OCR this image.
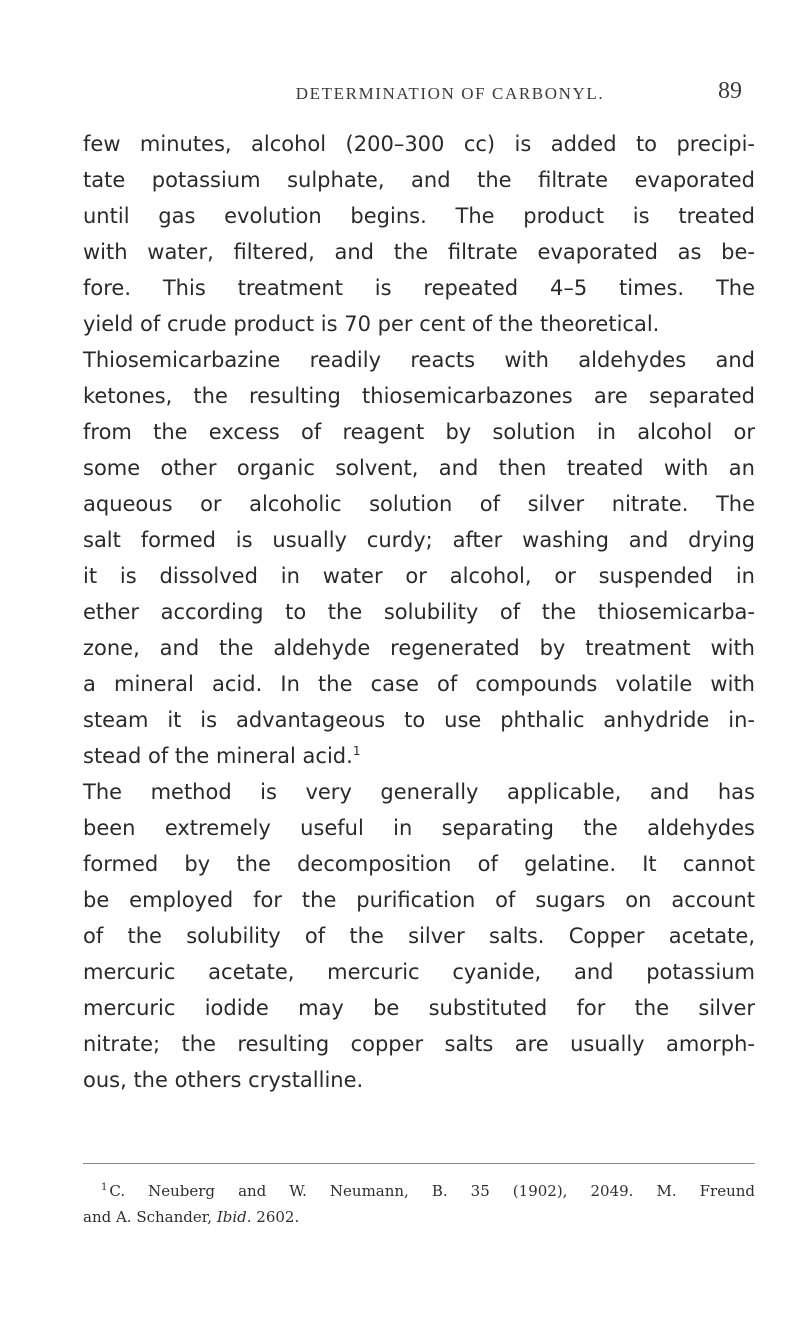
DETERMINATION OF CARBONYL.	89
few minutes, alcohol (200–300 cc) is added to precipi-
tate potassium sulphate, and the filtrate evaporated
until gas evolution begins. The product is treated
with water, filtered, and the filtrate evaporated as be-
fore. This treatment is repeated 4–5 times. The
yield of crude product is 70 per cent of the theoretical.
Thiosemicarbazine readily reacts with aldehydes and
ketones, the resulting thiosemicarbazones are separated
from the excess of reagent by solution in alcohol or
some other organic solvent, and then treated with an
aqueous or alcoholic solution of silver nitrate. The
salt formed is usually curdy; after washing and drying
it is dissolved in water or alcohol, or suspended in
ether according to the solubility of the thiosemicarba-
zone, and the aldehyde regenerated by treatment with
a mineral acid. In the case of compounds volatile with
steam it is advantageous to use phthalic anhydride in-
stead of the mineral acid.$^1$
The method is very generally applicable, and has
been extremely useful in separating the aldehydes
formed by the decomposition of gelatine. It cannot
be employed for the purification of sugars on account
of the solubility of the silver salts. Copper acetate,
mercuric acetate, mercuric cyanide, and potassium
mercuric iodide may be substituted for the silver
nitrate; the resulting copper salts are usually amorph-
ous, the others crystalline.
$^1$ C. Neuberg and W. Neumann, B. 35 (1902), 2049. M. Freund
and A. Schander, Ibid. 2602.
